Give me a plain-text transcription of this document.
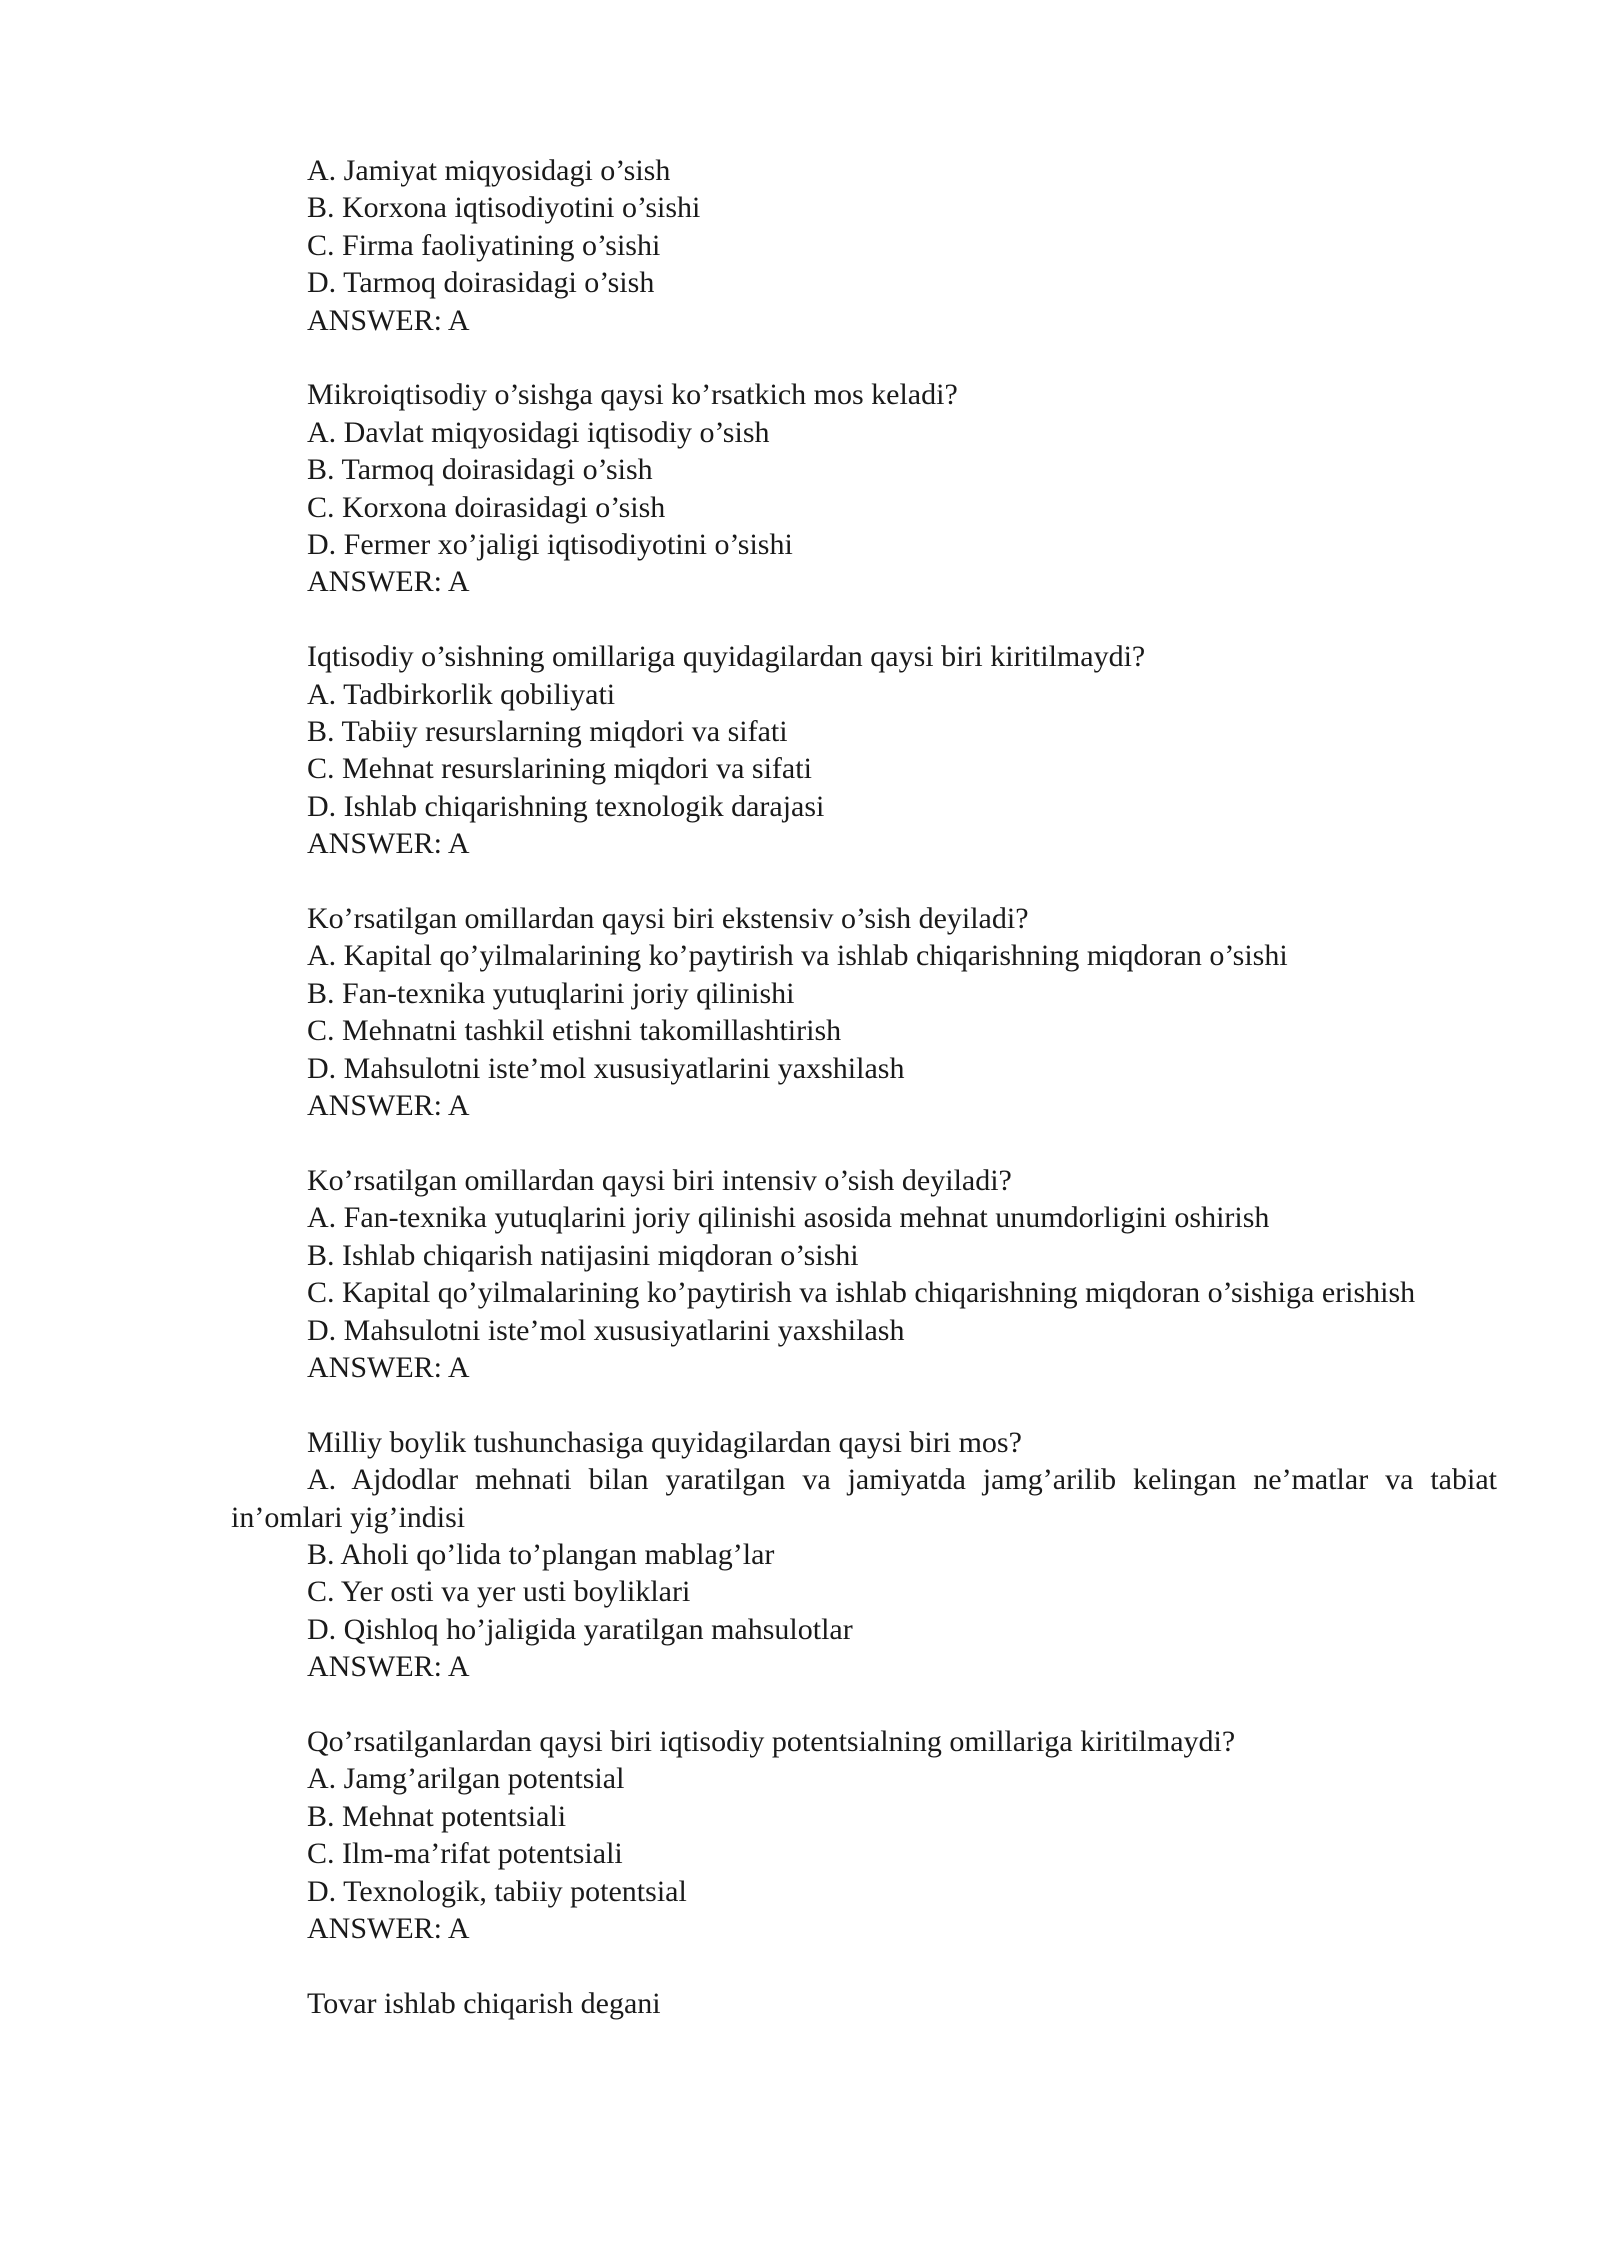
A. Jamiyat miqyosidagi o’sish
B. Korxona iqtisodiyotini o’sishi
C. Firma faoliyatining o’sishi
D. Tarmoq doirasidagi o’sish
ANSWER: A
Mikroiqtisodiy o’sishga qaysi ko’rsatkich mos keladi?
A. Davlat miqyosidagi iqtisodiy o’sish
B. Tarmoq doirasidagi o’sish
C. Korxona doirasidagi o’sish
D. Fermer xo’jaligi iqtisodiyotini o’sishi
ANSWER: A
Iqtisodiy o’sishning omillariga quyidagilardan qaysi biri kiritilmaydi?
A. Tadbirkorlik qobiliyati
B. Tabiiy resurslarning miqdori va sifati
C. Mehnat resurslarining miqdori va sifati
D. Ishlab chiqarishning texnologik darajasi
ANSWER: A
Ko’rsatilgan omillardan qaysi biri ekstensiv o’sish deyiladi?
A. Kapital qo’yilmalarining ko’paytirish va ishlab chiqarishning miqdoran o’sishi
B. Fan-texnika yutuqlarini joriy qilinishi
C. Mehnatni tashkil etishni takomillashtirish
D. Mahsulotni iste’mol xususiyatlarini yaxshilash
ANSWER: A
Ko’rsatilgan omillardan qaysi biri intensiv o’sish deyiladi?
A. Fan-texnika yutuqlarini joriy qilinishi asosida mehnat unumdorligini oshirish
B. Ishlab chiqarish natijasini miqdoran o’sishi
C. Kapital qo’yilmalarining ko’paytirish va ishlab chiqarishning miqdoran o’sishiga erishish
D. Mahsulotni iste’mol xususiyatlarini yaxshilash
ANSWER: A
Milliy boylik tushunchasiga quyidagilardan qaysi biri mos?
A. Ajdodlar mehnati bilan yaratilgan va jamiyatda jamg’arilib kelingan ne’matlar va tabiat in’omlari yig’indisi
B. Aholi qo’lida to’plangan mablag’lar
C. Yer osti va yer usti boyliklari
D. Qishloq ho’jaligida yaratilgan mahsulotlar
ANSWER: A
Qo’rsatilganlardan qaysi biri iqtisodiy potentsialning omillariga kiritilmaydi?
A. Jamg’arilgan potentsial
B. Mehnat potentsiali
C. Ilm-ma’rifat potentsiali
D. Texnologik, tabiiy potentsial
ANSWER: A
Tovar ishlab chiqarish degani
